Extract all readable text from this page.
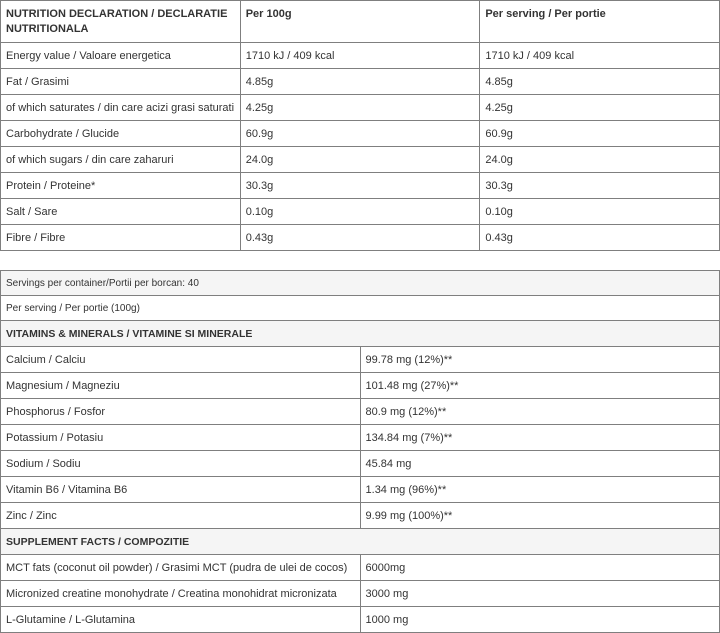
NUTRITION DECLARATION / DECLARATIE NUTRITIONALA	Per 100g	Per serving / Per portie
Energy value / Valoare energetica	1710 kJ / 409 kcal	1710 kJ / 409 kcal
Fat / Grasimi	4.85g	4.85g
of which saturates / din care acizi grasi saturati	4.25g	4.25g
Carbohydrate / Glucide	60.9g	60.9g
of which sugars / din care zaharuri	24.0g	24.0g
Protein / Proteine*	30.3g	30.3g
Salt / Sare	0.10g	0.10g
Fibre / Fibre	0.43g	0.43g
Servings per container/Portii per borcan: 40	
Per serving / Per portie (100g)	
VITAMINS & MINERALS / VITAMINE SI MINERALE	
Calcium / Calciu	99.78 mg (12%)**
Magnesium / Magneziu	101.48 mg (27%)**
Phosphorus / Fosfor	80.9 mg (12%)**
Potassium / Potasiu	134.84 mg (7%)**
Sodium / Sodiu	45.84 mg
Vitamin B6 / Vitamina B6	1.34 mg (96%)**
Zinc / Zinc	9.99 mg (100%)**
SUPPLEMENT FACTS / COMPOZITIE	
MCT fats (coconut oil powder) / Grasimi MCT (pudra de ulei de cocos)	6000mg
Micronized creatine monohydrate / Creatina monohidrat micronizata	3000 mg
L-Glutamine / L-Glutamina	1000 mg
